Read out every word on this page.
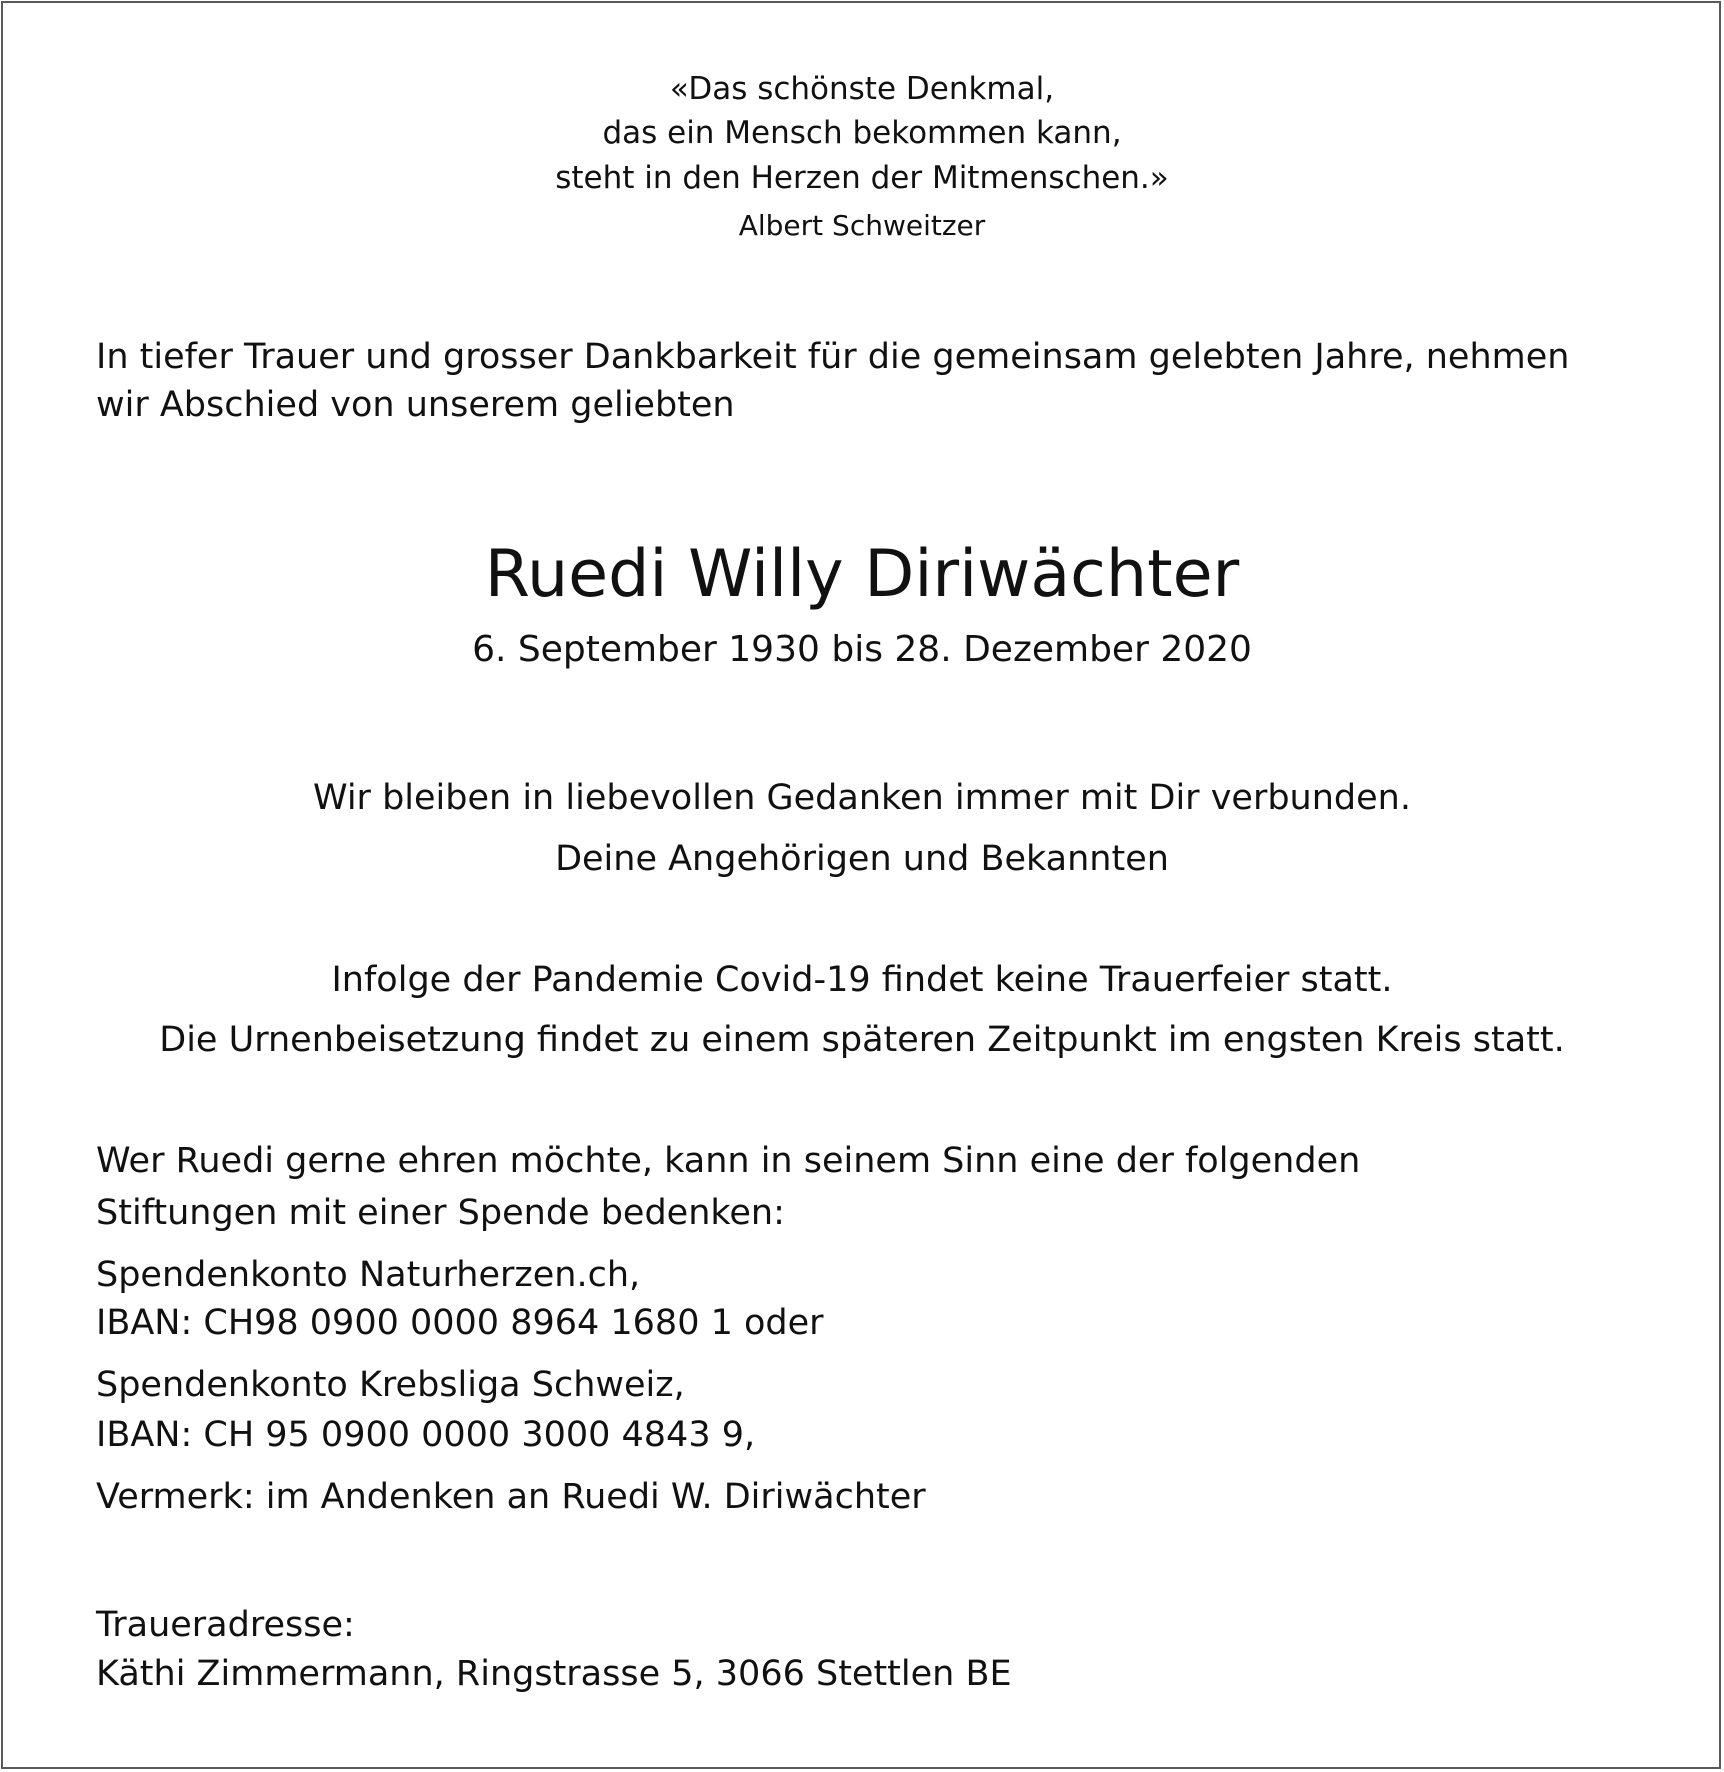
«Das schönste Denkmal,

das ein Mensch bekommen kann,

steht in den Herzen der Mitmenschen.»

Albert Schweitzer

In tiefer Trauer und grosser Dankbarkeit für die gemeinsam gelebten Jahre, nehmen

wir Abschied von unserem geliebten

Ruedi Willy Diriwächter

6. September 1930 bis 28. Dezember 2020

Wir bleiben in liebevollen Gedanken immer mit Dir verbunden.

Deine Angehörigen und Bekannten

Infolge der Pandemie Covid-19 findet keine Trauerfeier statt.

Die Urnenbeisetzung findet zu einem späteren Zeitpunkt im engsten Kreis statt.

Wer Ruedi gerne ehren möchte, kann in seinem Sinn eine der folgenden

Stiftungen mit einer Spende bedenken:

Spendenkonto Naturherzen.ch,

IBAN: CH98 0900 0000 8964 1680 1 oder

Spendenkonto Krebsliga Schweiz,

IBAN: CH 95 0900 0000 3000 4843 9,

Vermerk: im Andenken an Ruedi W. Diriwächter

Traueradresse:

Käthi Zimmermann, Ringstrasse 5, 3066 Stettlen BE
